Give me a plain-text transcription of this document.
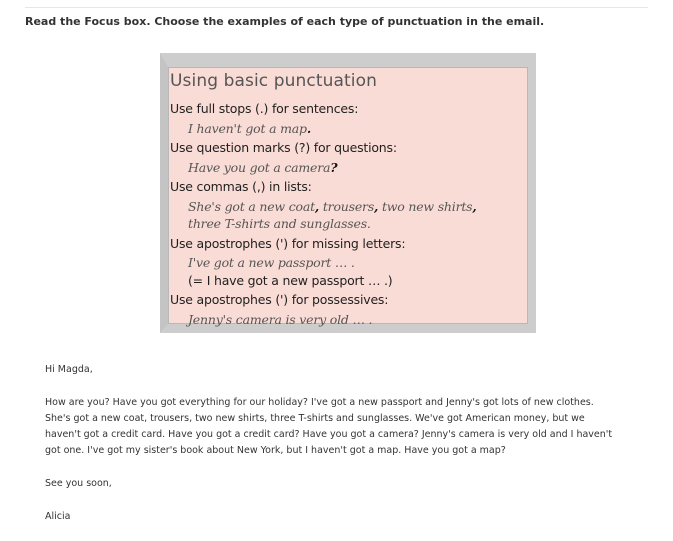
Read the Focus box. Choose the examples of each type of punctuation in the email.
Using basic punctuation
Use full stops (.) for sentences:
I haven't got a map.
Use question marks (?) for questions:
Have you got a camera?
Use commas (,) in lists:
She's got a new coat, trousers, two new shirts,
three T-shirts and sunglasses.
Use apostrophes (') for missing letters:
I've got a new passport … .
(= I have got a new passport … .)
Use apostrophes (') for possessives:
Jenny's camera is very old … .

Hi Magda,

How are you? Have you got everything for our holiday? I've got a new passport and Jenny's got lots of new clothes.
She's got a new coat, trousers, two new shirts, three T-shirts and sunglasses. We've got American money, but we
haven't got a credit card. Have you got a credit card? Have you got a camera? Jenny's camera is very old and I haven't
got one. I've got my sister's book about New York, but I haven't got a map. Have you got a map?

See you soon,

Alicia
